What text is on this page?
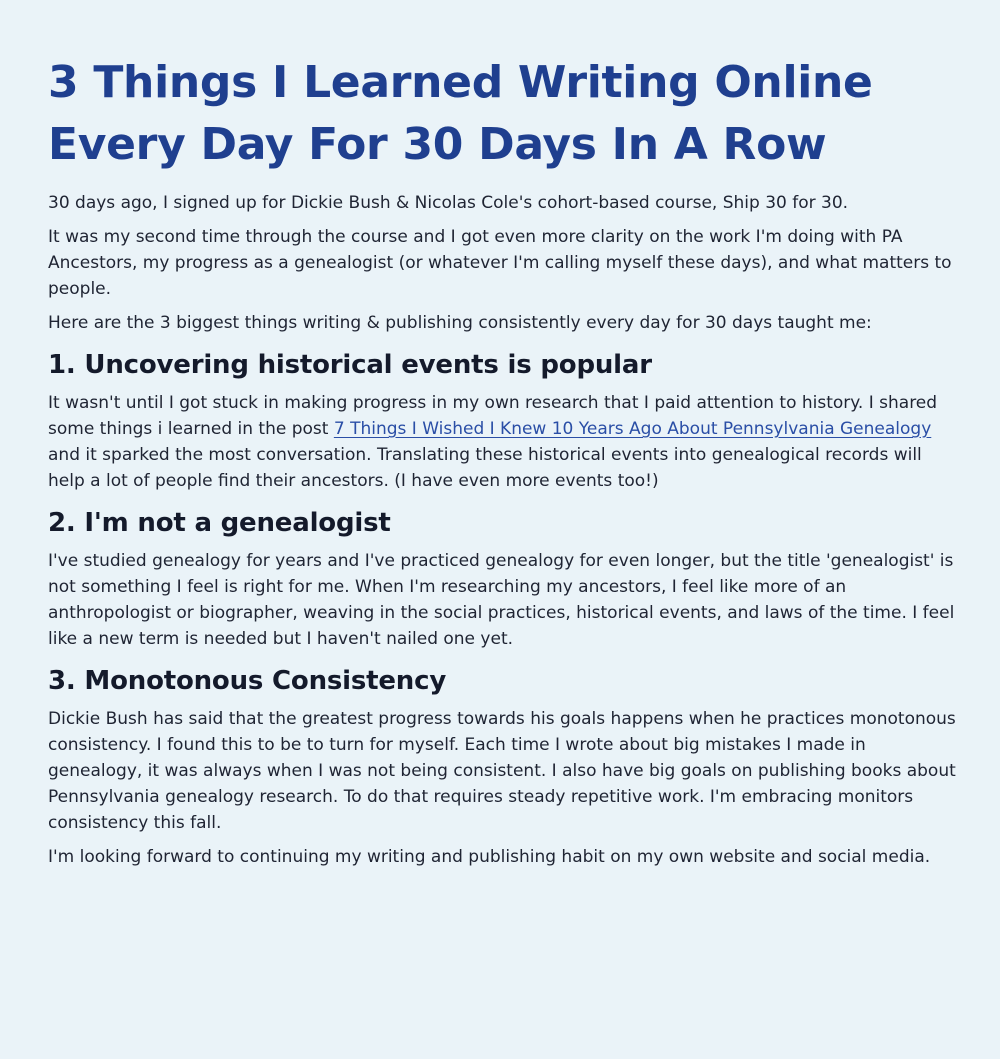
3 Things I Learned Writing Online Every Day For 30 Days In A Row

30 days ago, I signed up for Dickie Bush & Nicolas Cole's cohort-based course, Ship 30 for 30.

It was my second time through the course and I got even more clarity on the work I'm doing with PA Ancestors, my progress as a genealogist (or whatever I'm calling myself these days), and what matters to people.

Here are the 3 biggest things writing & publishing consistently every day for 30 days taught me:

1. Uncovering historical events is popular

It wasn't until I got stuck in making progress in my own research that I paid attention to history. I shared some things i learned in the post 7 Things I Wished I Knew 10 Years Ago About Pennsylvania Genealogy and it sparked the most conversation. Translating these historical events into genealogical records will help a lot of people find their ancestors. (I have even more events too!)

2. I'm not a genealogist

I've studied genealogy for years and I've practiced genealogy for even longer, but the title 'genealogist' is not something I feel is right for me. When I'm researching my ancestors, I feel like more of an anthropologist or biographer, weaving in the social practices, historical events, and laws of the time. I feel like a new term is needed but I haven't nailed one yet.

3. Monotonous Consistency

Dickie Bush has said that the greatest progress towards his goals happens when he practices monotonous consistency. I found this to be to turn for myself. Each time I wrote about big mistakes I made in genealogy, it was always when I was not being consistent. I also have big goals on publishing books about Pennsylvania genealogy research. To do that requires steady repetitive work. I'm embracing monitors consistency this fall.

I'm looking forward to continuing my writing and publishing habit on my own website and social media.
